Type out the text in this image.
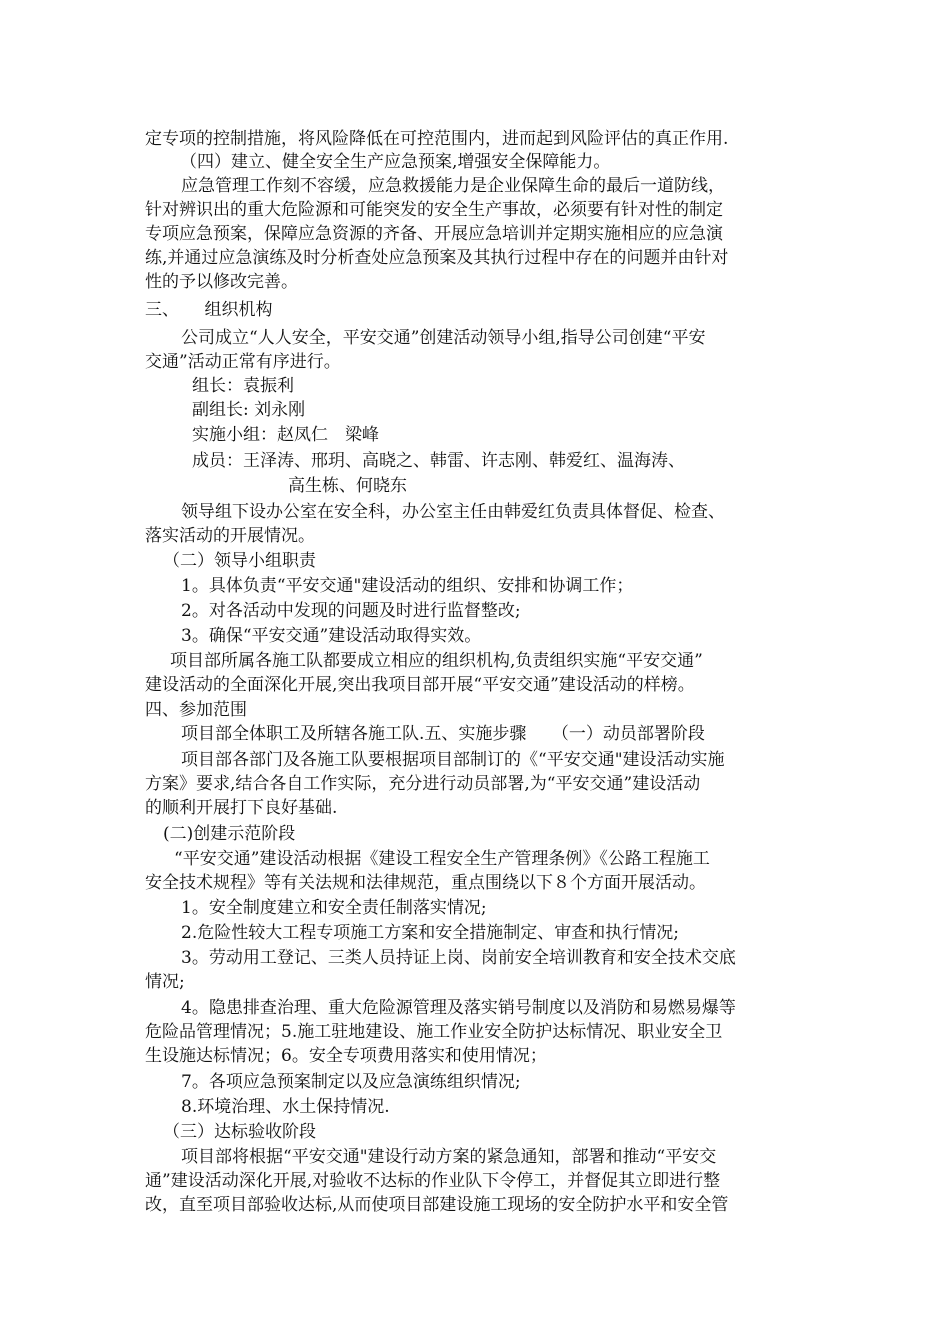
定专项的控制措施，将风险降低在可控范围内，进而起到风险评估的真正作用.
（四）建立、健全安全生产应急预案,增强安全保障能力。
应急管理工作刻不容缓，应急救援能力是企业保障生命的最后一道防线，
针对辨识出的重大危险源和可能突发的安全生产事故，必须要有针对性的制定
专项应急预案，保障应急资源的齐备、开展应急培训并定期实施相应的应急演
练,并通过应急演练及时分析查处应急预案及其执行过程中存在的问题并由针对
性的予以修改完善。
三、　　组织机构
公司成立“人人安全，平安交通”创建活动领导小组,指导公司创建“平安
交通”活动正常有序进行。
组长：袁振利
副组长: 刘永刚
实施小组：赵凤仁　梁峰
成员：王泽涛、邢玥、高晓之、韩雷、许志刚、韩爱红、温海涛、
高生栋、何晓东
领导组下设办公室在安全科，办公室主任由韩爱红负责具体督促、检查、
落实活动的开展情况。
（二）领导小组职责
1。具体负责“平安交通"建设活动的组织、安排和协调工作；
2。对各活动中发现的问题及时进行监督整改;
3。确保“平安交通”建设活动取得实效。
项目部所属各施工队都要成立相应的组织机构,负责组织实施“平安交通”
建设活动的全面深化开展,突出我项目部开展“平安交通”建设活动的样榜。
四、参加范围
项目部全体职工及所辖各施工队.五、实施步骤　　（一）动员部署阶段
项目部各部门及各施工队要根据项目部制订的《“平安交通"建设活动实施
方案》要求,结合各自工作实际，充分进行动员部署,为“平安交通”建设活动
的顺利开展打下良好基础.
(二)创建示范阶段
“平安交通”建设活动根据《建设工程安全生产管理条例》《公路工程施工
安全技术规程》等有关法规和法律规范，重点围绕以下８个方面开展活动。
1。安全制度建立和安全责任制落实情况;
2.危险性较大工程专项施工方案和安全措施制定、审查和执行情况;
3。劳动用工登记、三类人员持证上岗、岗前安全培训教育和安全技术交底
情况;
4。隐患排查治理、重大危险源管理及落实销号制度以及消防和易燃易爆等
危险品管理情况；5.施工驻地建设、施工作业安全防护达标情况、职业安全卫
生设施达标情况；6。安全专项费用落实和使用情况；
7。各项应急预案制定以及应急演练组织情况;
8.环境治理、水土保持情况.
（三）达标验收阶段
项目部将根据“平安交通"建设行动方案的紧急通知，部署和推动“平安交
通”建设活动深化开展,对验收不达标的作业队下令停工，并督促其立即进行整
改，直至项目部验收达标,从而使项目部建设施工现场的安全防护水平和安全管
